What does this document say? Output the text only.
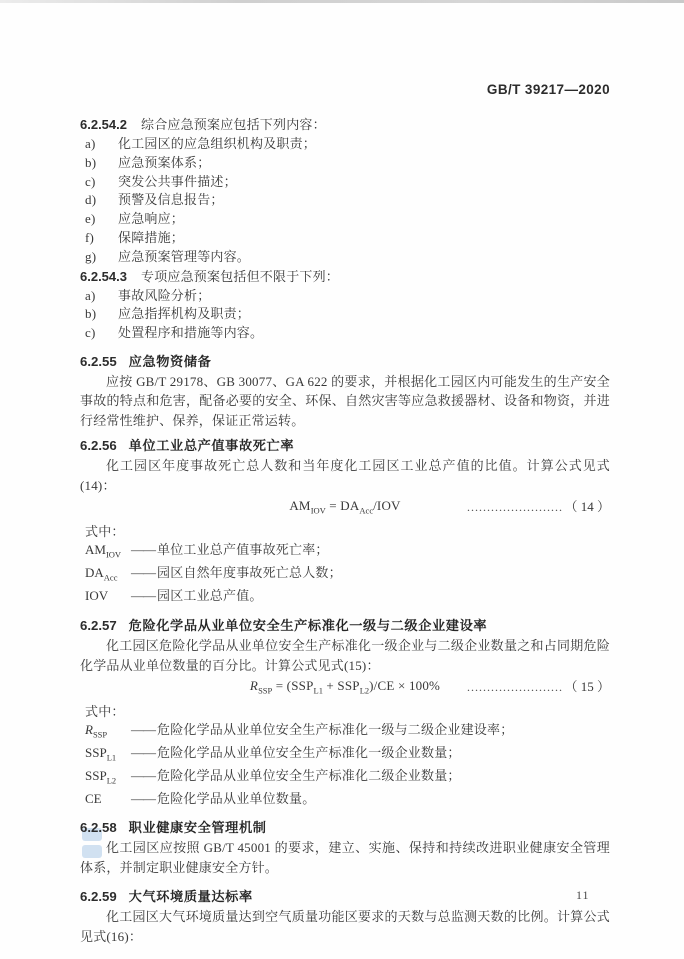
GB/T 39217—2020

6.2.54.2 综合应急预案应包括下列内容：

a)	化工园区的应急组织机构及职责；
b)	应急预案体系；
c)	突发公共事件描述；
d)	预警及信息报告；
e)	应急响应；
f)	保障措施；
g)	应急预案管理等内容。

6.2.54.3 专项应急预案包括但不限于下列：

a)	事故风险分析；
b)	应急指挥机构及职责；
c)	处置程序和措施等内容。
6.2.55 应急物资储备

应按 GB/T 29178、GB 30077、GA 622 的要求，并根据化工园区内可能发生的生产安全事故的特点和危害，配备必要的安全、环保、自然灾害等应急救援器材、设备和物资，并进行经常性维护、保养，保证正常运转。

6.2.56 单位工业总产值事故死亡率

化工园区年度事故死亡总人数和当年度化工园区工业总产值的比值。计算公式见式(14)：

$AM_{IOV} = DA_{Acc}/IOV$	…………………… （ 14 ）

式中：

$AM_{IOV}$ —— 单位工业总产值事故死亡率；
$DA_{Acc}$	—— 园区自然年度事故死亡总人数；
IOV	—— 园区工业总产值。
6.2.57 危险化学品从业单位安全生产标准化一级与二级企业建设率

化工园区危险化学品从业单位安全生产标准化一级企业与二级企业数量之和占同期危险化学品从业单位数量的百分比。计算公式见式(15)：

$R_{SSP} = (SSP_{L1} + SSP_{L2})/CE \times 100\%$ …………………… （ 15 ）

式中：

$R_{SSP}$	—— 危险化学品从业单位安全生产标准化一级与二级企业建设率；
$SSP_{L1}$	—— 危险化学品从业单位安全生产标准化一级企业数量；
$SSP_{L2}$	—— 危险化学品从业单位安全生产标准化二级企业数量；
CE	—— 危险化学品从业单位数量。
6.2.58 职业健康安全管理机制

化工园区应按照 GB/T 45001 的要求，建立、实施、保持和持续改进职业健康安全管理体系，并制定职业健康安全方针。

6.2.59 大气环境质量达标率

化工园区大气环境质量达到空气质量功能区要求的天数与总监测天数的比例。计算公式见式(16)：

11
